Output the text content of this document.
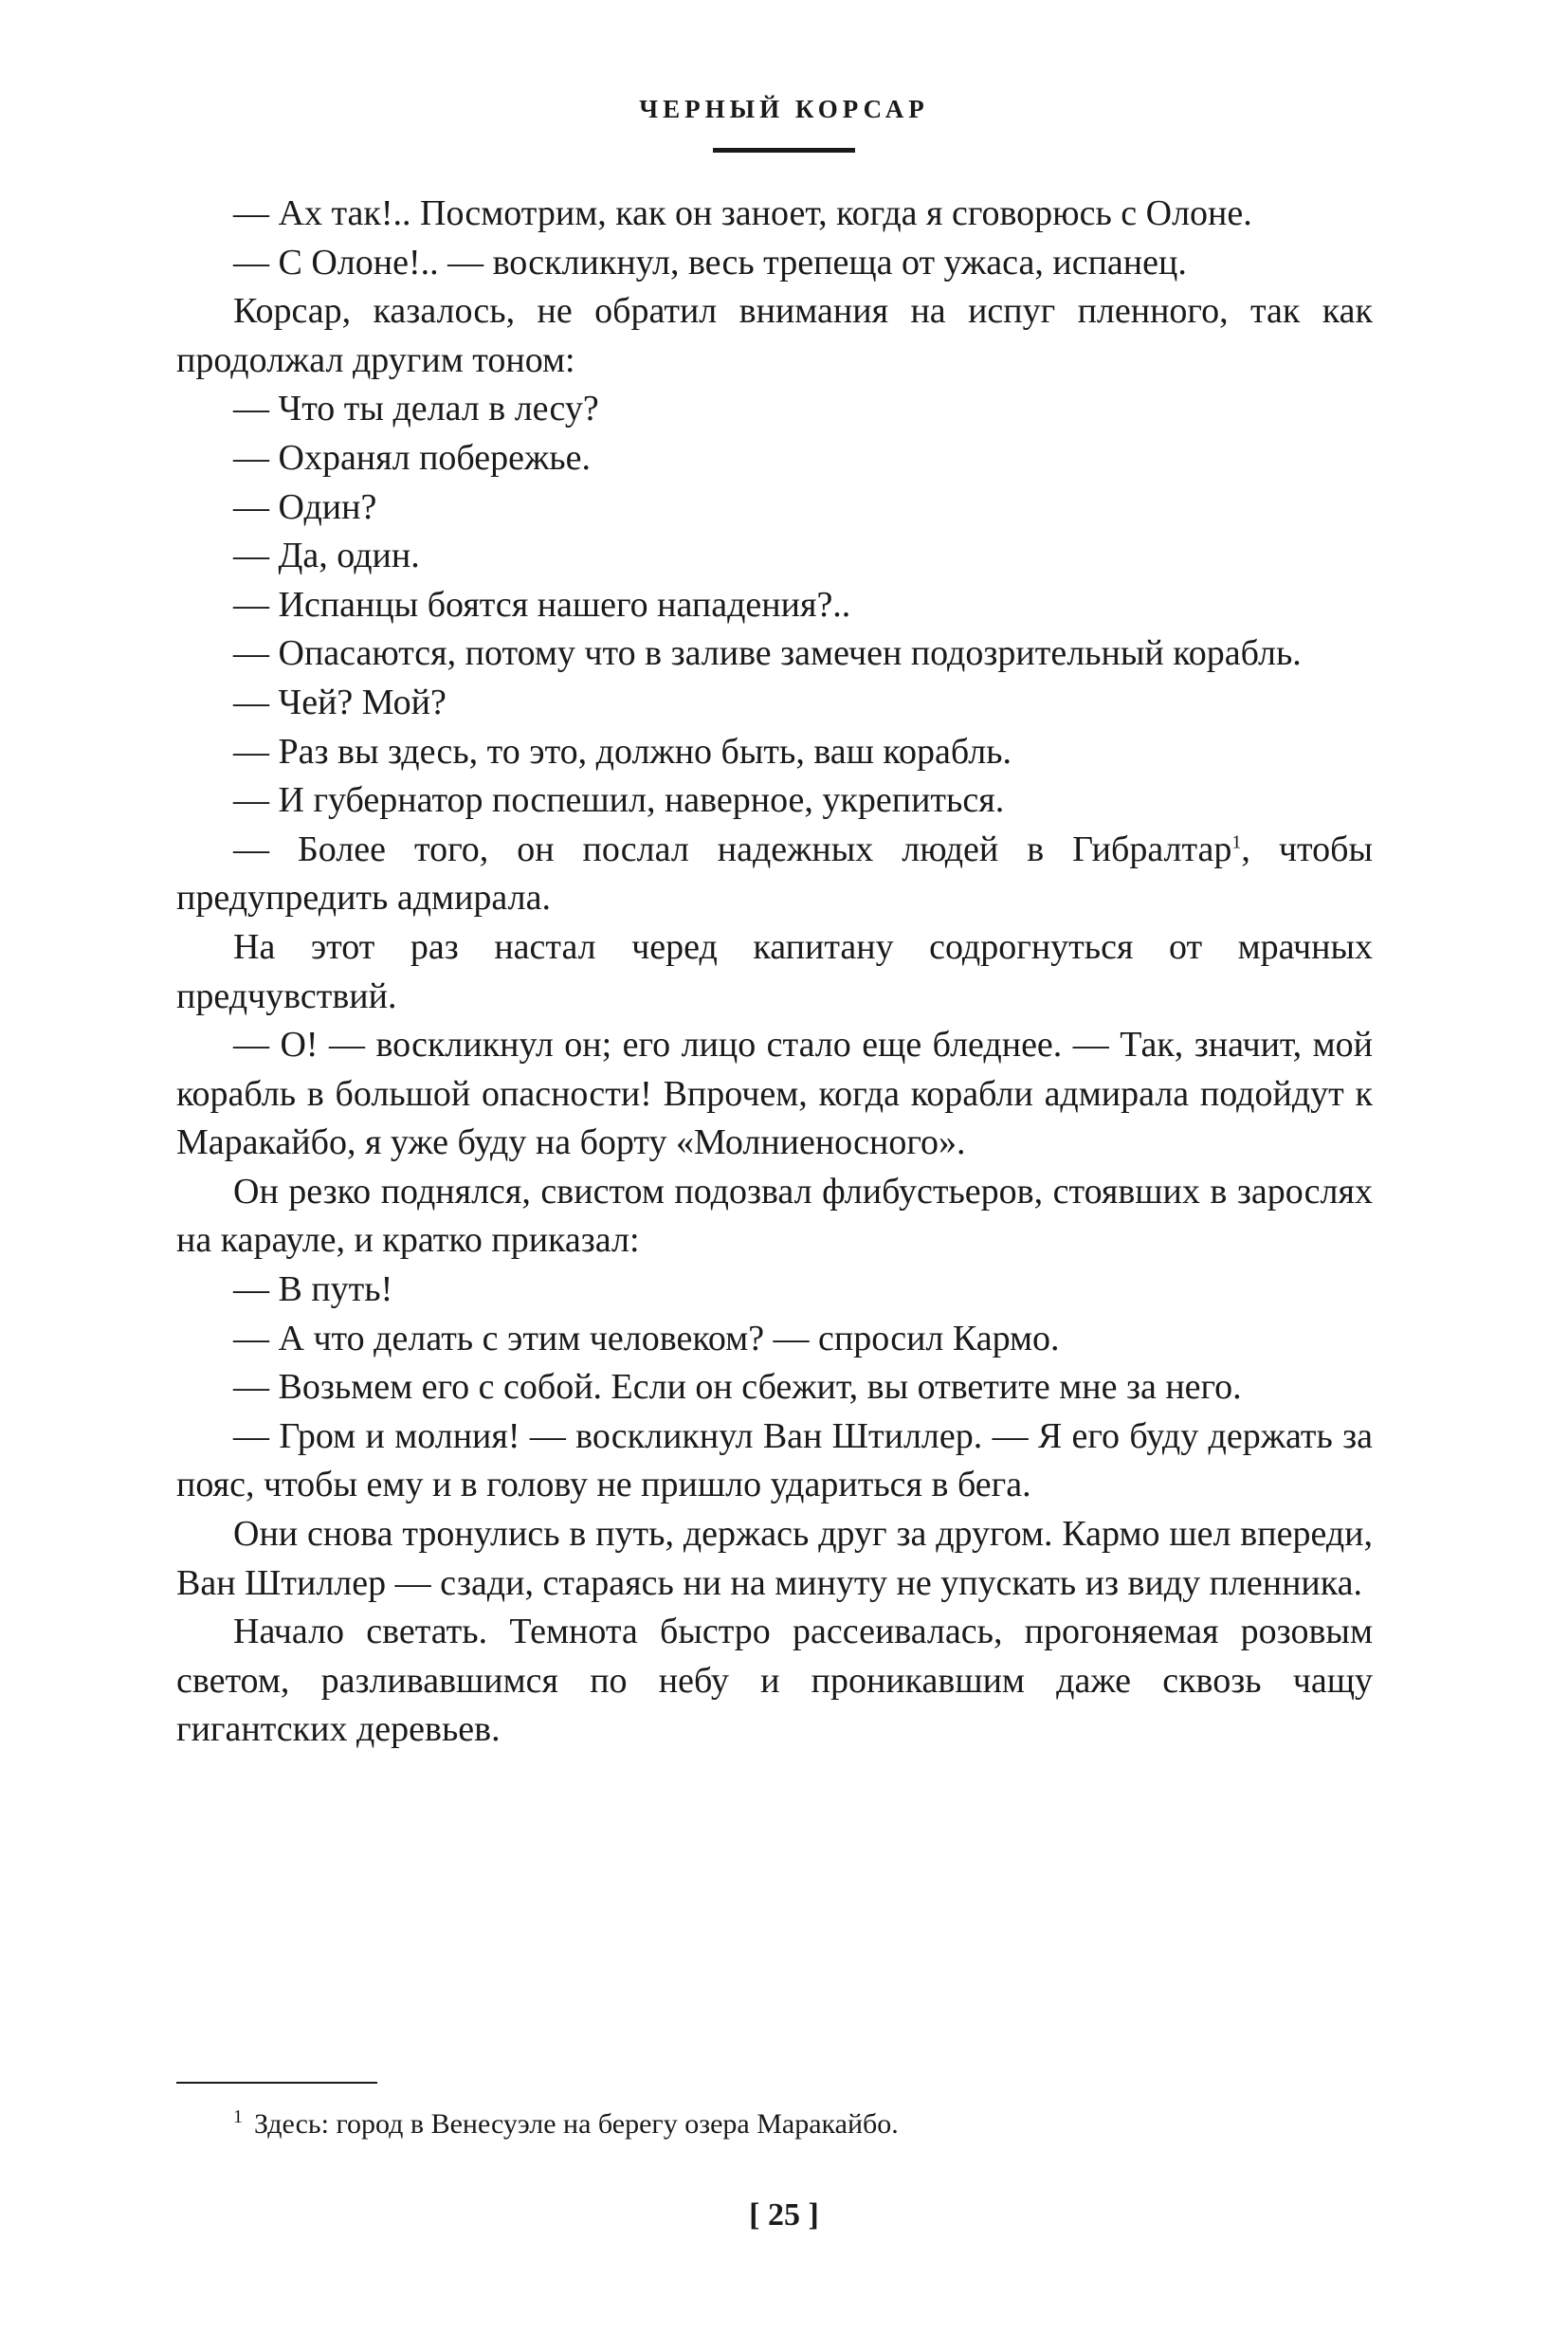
ЧЕРНЫЙ КОРСАР

— Ах так!.. Посмотрим, как он заноет, когда я сговорюсь с Олоне.

— С Олоне!.. — воскликнул, весь трепеща от ужаса, испанец.

Корсар, казалось, не обратил внимания на испуг пленного, так как продолжал другим тоном:

— Что ты делал в лесу?

— Охранял побережье.

— Один?

— Да, один.

— Испанцы боятся нашего нападения?..

— Опасаются, потому что в заливе замечен подозрительный корабль.

— Чей? Мой?

— Раз вы здесь, то это, должно быть, ваш корабль.

— И губернатор поспешил, наверное, укрепиться.

— Более того, он послал надежных людей в Гибралтар$^1$, чтобы предупредить адмирала.

На этот раз настал черед капитану содрогнуться от мрачных предчувствий.

— О! — воскликнул он; его лицо стало еще бледнее. — Так, значит, мой корабль в большой опасности! Впрочем, когда корабли адмирала подойдут к Маракайбо, я уже буду на борту «Молниеносного».

Он резко поднялся, свистом подозвал флибустьеров, стоявших в зарослях на карауле, и кратко приказал:

— В путь!

— А что делать с этим человеком? — спросил Кармо.

— Возьмем его с собой. Если он сбежит, вы ответите мне за него.

— Гром и молния! — воскликнул Ван Штиллер. — Я его буду держать за пояс, чтобы ему и в голову не пришло удариться в бега.

Они снова тронулись в путь, держась друг за другом. Кармо шел впереди, Ван Штиллер — сзади, стараясь ни на минуту не упускать из виду пленника.

Начало светать. Темнота быстро рассеивалась, прогоняемая розовым светом, разливавшимся по небу и проникавшим даже сквозь чащу гигантских деревьев.

$^1$ Здесь: город в Венесуэле на берегу озера Маракайбо.
[ 25 ]
